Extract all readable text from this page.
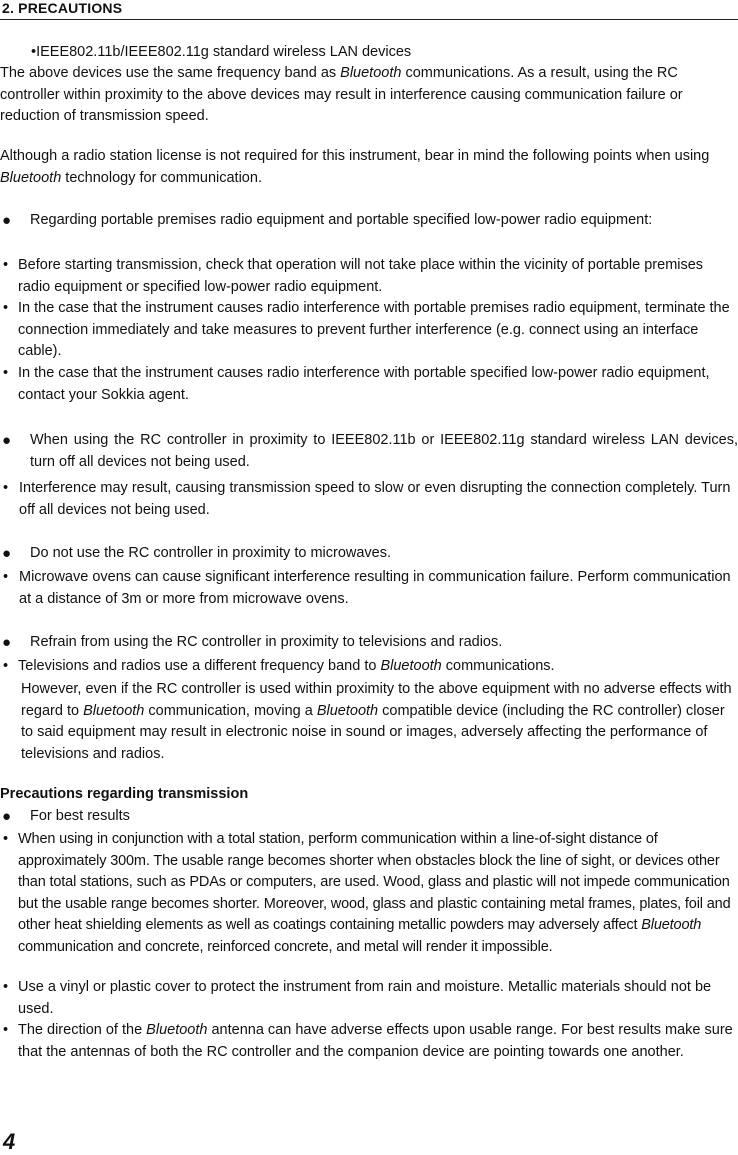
2. PRECAUTIONS
•IEEE802.11b/IEEE802.11g standard wireless LAN devices
The above devices use the same frequency band as Bluetooth communications. As a result, using the RC controller within proximity to the above devices may result in interference causing communication failure or reduction of transmission speed.
Although a radio station license is not required for this instrument, bear in mind the following points when using Bluetooth technology for communication.
● Regarding portable premises radio equipment and portable specified low-power radio equipment:
• Before starting transmission, check that operation will not take place within the vicinity of portable premises radio equipment or specified low-power radio equipment.
• In the case that the instrument causes radio interference with portable premises radio equipment, terminate the connection immediately and take measures to prevent further interference (e.g. connect using an interface cable).
• In the case that the instrument causes radio interference with portable specified low-power radio equipment, contact your Sokkia agent.
● When using the RC controller in proximity to IEEE802.11b or IEEE802.11g standard wireless LAN devices, turn off all devices not being used.
• Interference may result, causing transmission speed to slow or even disrupting the connection completely. Turn off all devices not being used.
● Do not use the RC controller in proximity to microwaves.
• Microwave ovens can cause significant interference resulting in communication failure. Perform communication at a distance of 3m or more from microwave ovens.
● Refrain from using the RC controller in proximity to televisions and radios.
• Televisions and radios use a different frequency band to Bluetooth communications.
However, even if the RC controller is used within proximity to the above equipment with no adverse effects with regard to Bluetooth communication, moving a Bluetooth compatible device (including the RC controller) closer to said equipment may result in electronic noise in sound or images, adversely affecting the performance of televisions and radios.
Precautions regarding transmission
● For best results
• When using in conjunction with a total station, perform communication within a line-of-sight distance of approximately 300m. The usable range becomes shorter when obstacles block the line of sight, or devices other than total stations, such as PDAs or computers, are used. Wood, glass and plastic will not impede communication but the usable range becomes shorter. Moreover, wood, glass and plastic containing metal frames, plates, foil and other heat shielding elements as well as coatings containing metallic powders may adversely affect Bluetooth communication and concrete, reinforced concrete, and metal will render it impossible.
• Use a vinyl or plastic cover to protect the instrument from rain and moisture. Metallic materials should not be used.
• The direction of the Bluetooth antenna can have adverse effects upon usable range. For best results make sure that the antennas of both the RC controller and the companion device are pointing towards one another.
4
